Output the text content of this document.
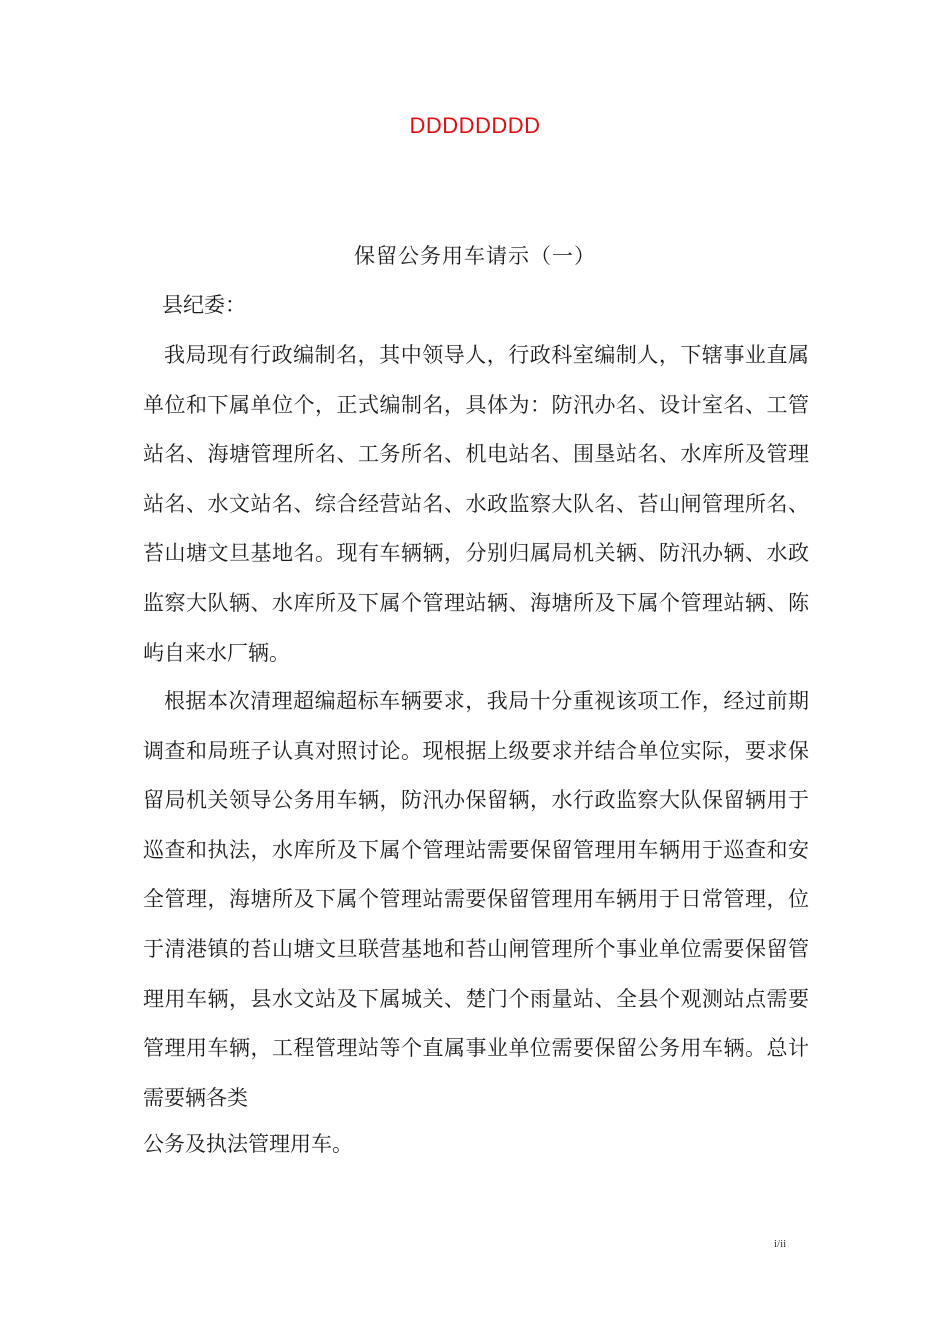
DDDDDDDD
保留公务用车请示（一）
县纪委：

我局现有行政编制名，其中领导人，行政科室编制人，下辖事业直属单位和下属单位个，正式编制名，具体为：防汛办名、设计室名、工管站名、海塘管理所名、工务所名、机电站名、围垦站名、水库所及管理站名、水文站名、综合经营站名、水政监察大队名、苔山闸管理所名、苔山塘文旦基地名。现有车辆辆，分别归属局机关辆、防汛办辆、水政监察大队辆、水库所及下属个管理站辆、海塘所及下属个管理站辆、陈屿自来水厂辆。

根据本次清理超编超标车辆要求，我局十分重视该项工作，经过前期调查和局班子认真对照讨论。现根据上级要求并结合单位实际，要求保留局机关领导公务用车辆，防汛办保留辆，水行政监察大队保留辆用于巡查和执法，水库所及下属个管理站需要保留管理用车辆用于巡查和安全管理，海塘所及下属个管理站需要保留管理用车辆用于日常管理，位于清港镇的苔山塘文旦联营基地和苔山闸管理所个事业单位需要保留管理用车辆，县水文站及下属城关、楚门个雨量站、全县个观测站点需要管理用车辆，工程管理站等个直属事业单位需要保留公务用车辆。总计需要辆各类

公务及执法管理用车。

i/ii
